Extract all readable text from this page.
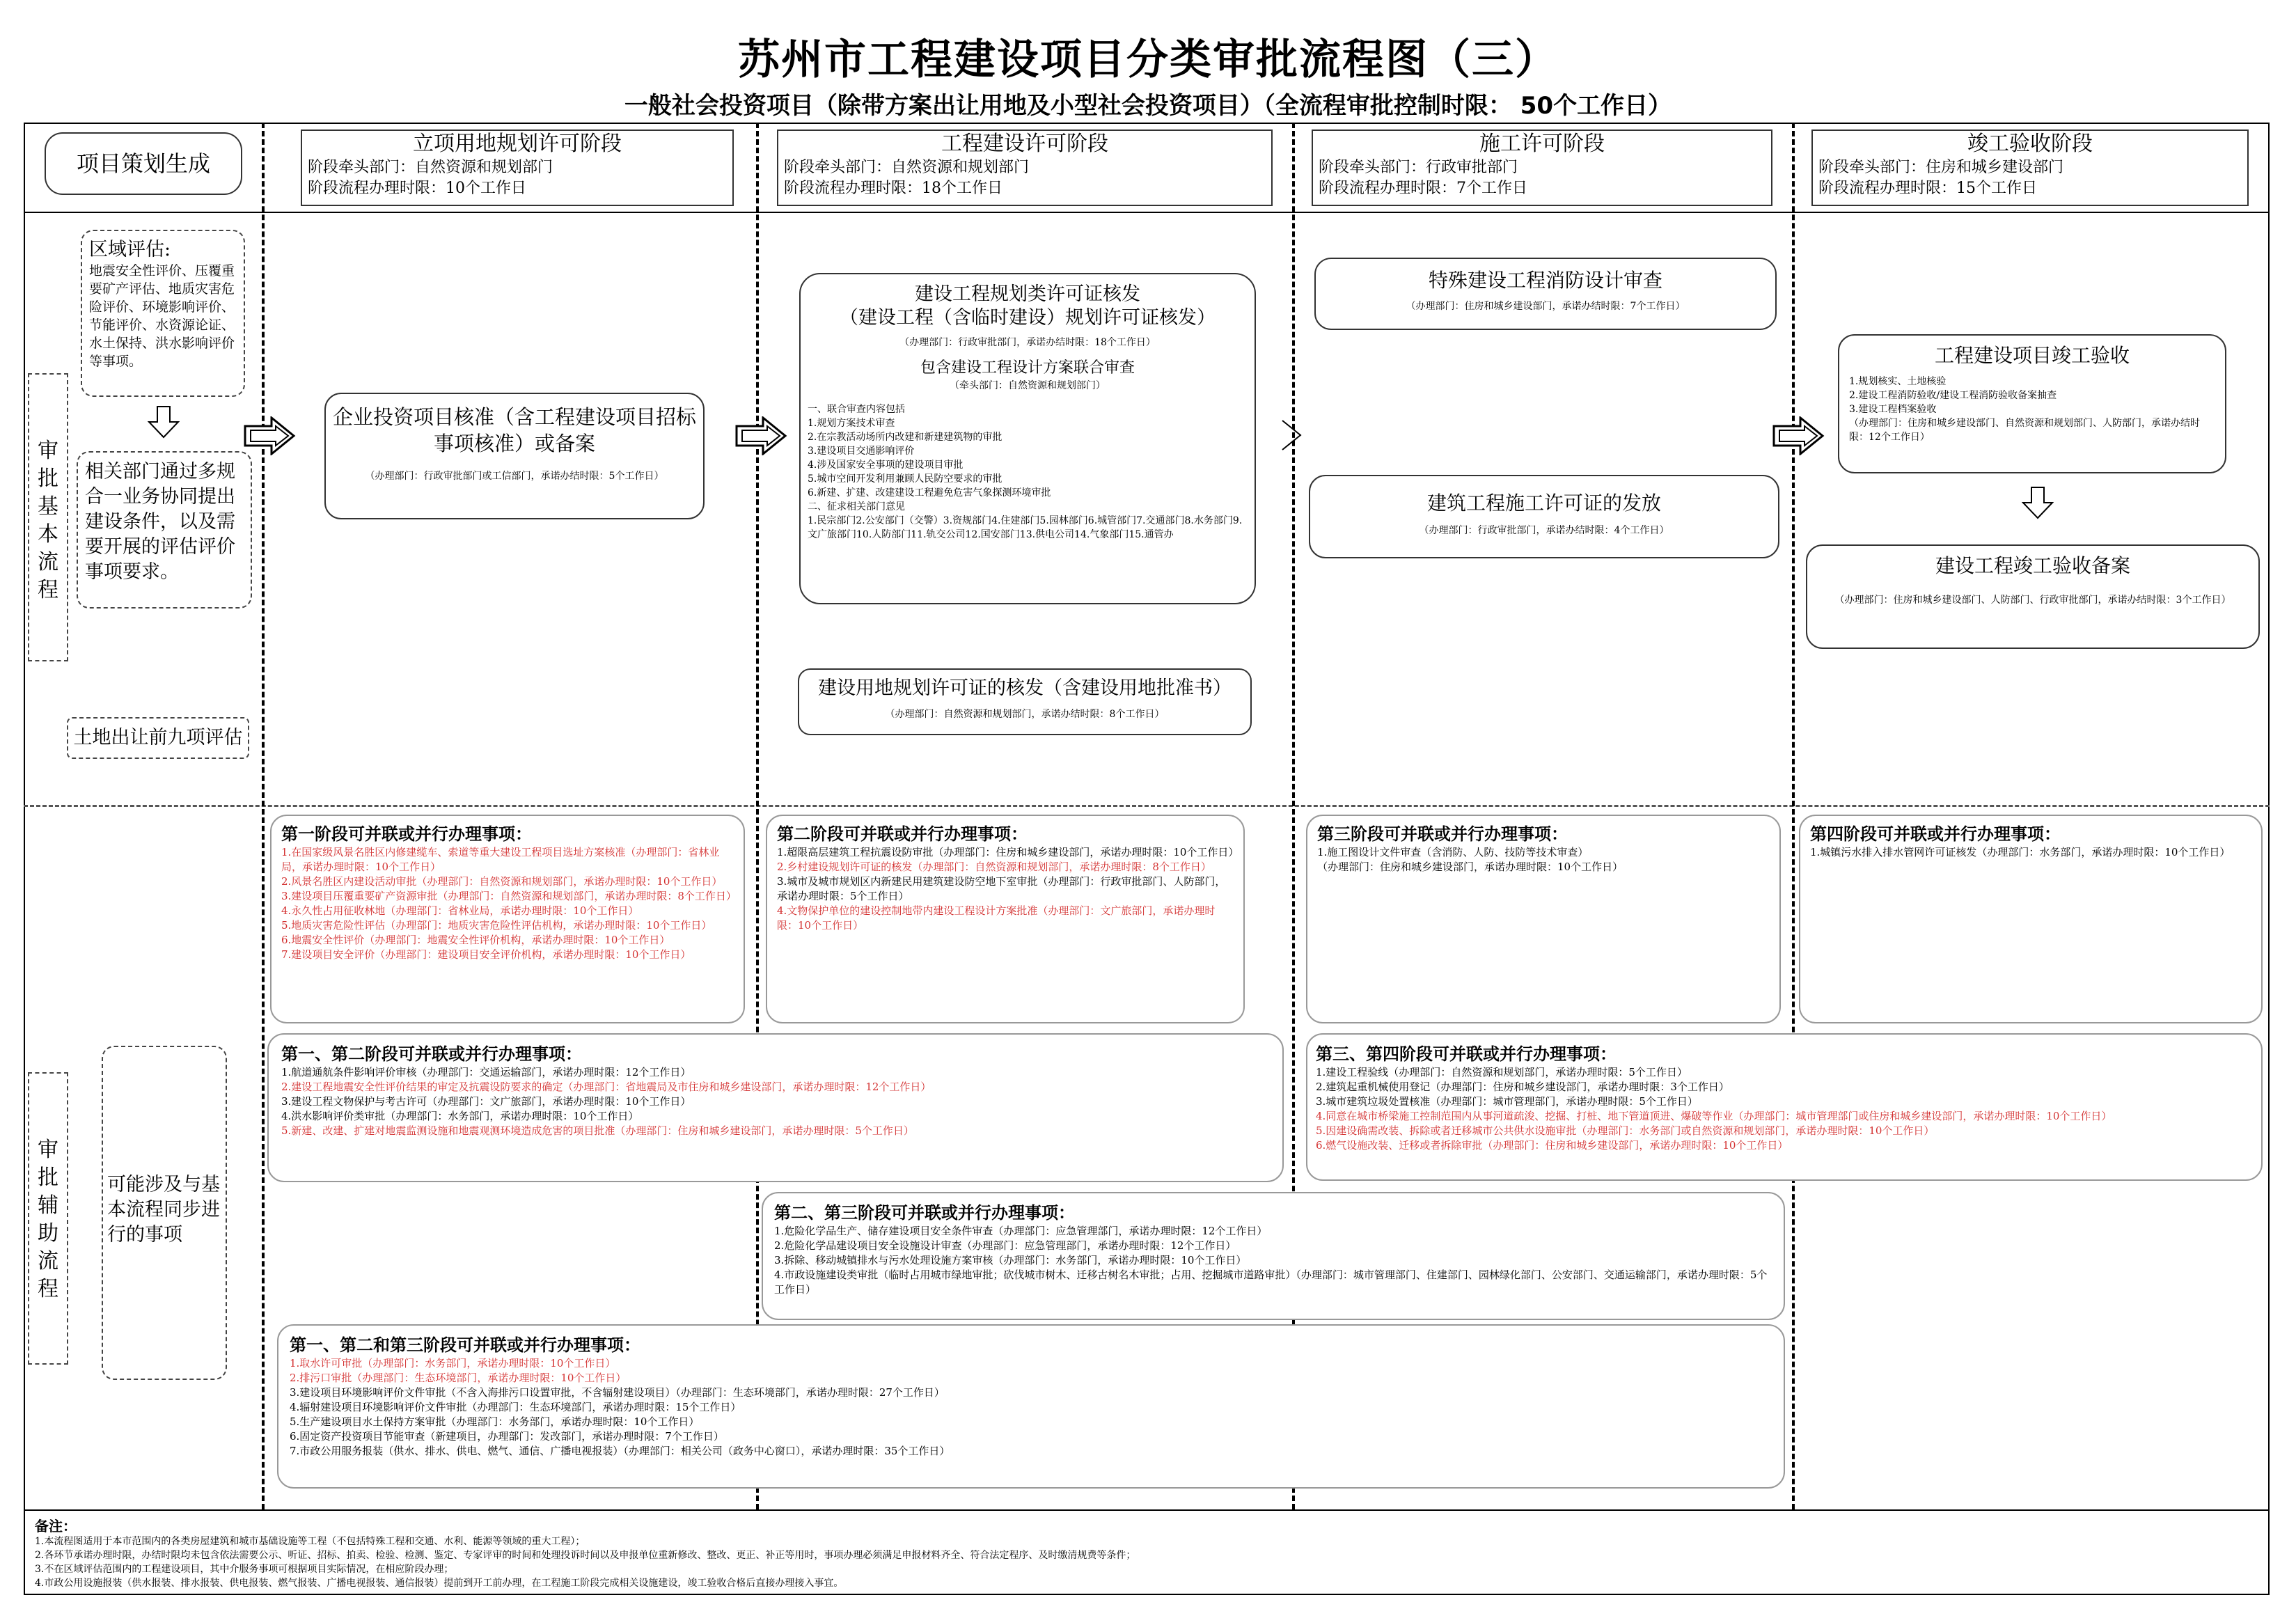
苏州市工程建设项目分类审批流程图（三）
一般社会投资项目（除带方案出让用地及小型社会投资项目）（全流程审批控制时限： 50个工作日）
项目策划生成
立项用地规划许可阶段
阶段牵头部门：自然资源和规划部门
阶段流程办理时限：10个工作日
工程建设许可阶段
阶段牵头部门：自然资源和规划部门
阶段流程办理时限：18个工作日
施工许可阶段
阶段牵头部门：行政审批部门
阶段流程办理时限：7个工作日
竣工验收阶段
阶段牵头部门：住房和城乡建设部门
阶段流程办理时限：15个工作日
审批基本流程
审批辅助流程
区域评估:
地震安全性评价、压覆重要矿产评估、地质灾害危险评价、环境影响评价、节能评价、水资源论证、水土保持、洪水影响评价等事项。
相关部门通过多规合一业务协同提出建设条件，以及需要开展的评估评价事项要求。
土地出让前九项评估
企业投资项目核准（含工程建设项目招标事项核准）或备案
（办理部门：行政审批部门或工信部门，承诺办结时限：5个工作日）
建设工程规划类许可证核发
（建设工程（含临时建设）规划许可证核发）
（办理部门：行政审批部门，承诺办结时限：18个工作日）
包含建设工程设计方案联合审查
（牵头部门：自然资源和规划部门）
一、联合审查内容包括
1.规划方案技术审查
2.在宗教活动场所内改建和新建建筑物的审批
3.建设项目交通影响评价
4.涉及国家安全事项的建设项目审批
5.城市空间开发利用兼顾人民防空要求的审批
6.新建、扩建、改建建设工程避免危害气象探测环境审批
二、征求相关部门意见
1.民宗部门2.公安部门（交警）3.资规部门4.住建部门5.园林部门6.城管部门7.交通部门8.水务部门9.文广旅部门10.人防部门11.轨交公司12.国安部门13.供电公司14.气象部门15.通管办
建设用地规划许可证的核发（含建设用地批准书）
（办理部门：自然资源和规划部门，承诺办结时限：8个工作日）
特殊建设工程消防设计审查
（办理部门：住房和城乡建设部门，承诺办结时限：7个工作日）
建筑工程施工许可证的发放
（办理部门：行政审批部门，承诺办结时限：4个工作日）
工程建设项目竣工验收
1.规划核实、土地核验
2.建设工程消防验收/建设工程消防验收备案抽查
3.建设工程档案验收
（办理部门：住房和城乡建设部门、自然资源和规划部门、人防部门，承诺办结时限：12个工作日）
建设工程竣工验收备案
（办理部门：住房和城乡建设部门、人防部门、行政审批部门，承诺办结时限：3个工作日）
可能涉及与基本流程同步进行的事项
第一阶段可并联或并行办理事项：
1.在国家级风景名胜区内修建缆车、索道等重大建设工程项目选址方案核准（办理部门：省林业局，承诺办理时限：10个工作日）
2.风景名胜区内建设活动审批（办理部门：自然资源和规划部门，承诺办理时限：10个工作日）
3.建设项目压覆重要矿产资源审批（办理部门：自然资源和规划部门，承诺办理时限：8个工作日）
4.永久性占用征收林地（办理部门：省林业局，承诺办理时限：10个工作日）
5.地质灾害危险性评估（办理部门：地质灾害危险性评估机构，承诺办理时限：10个工作日）
6.地震安全性评价（办理部门：地震安全性评价机构，承诺办理时限：10个工作日）
7.建设项目安全评价（办理部门：建设项目安全评价机构，承诺办理时限：10个工作日）
第二阶段可并联或并行办理事项：
1.超限高层建筑工程抗震设防审批（办理部门：住房和城乡建设部门，承诺办理时限：10个工作日）
2.乡村建设规划许可证的核发（办理部门：自然资源和规划部门，承诺办理时限：8个工作日）
3.城市及城市规划区内新建民用建筑建设防空地下室审批（办理部门：行政审批部门、人防部门，承诺办理时限：5个工作日）
4.文物保护单位的建设控制地带内建设工程设计方案批准（办理部门：文广旅部门，承诺办理时限：10个工作日）
第三阶段可并联或并行办理事项：
1.施工图设计文件审查（含消防、人防、技防等技术审查）
（办理部门：住房和城乡建设部门，承诺办理时限：10个工作日）
第四阶段可并联或并行办理事项：
1.城镇污水排入排水管网许可证核发（办理部门：水务部门，承诺办理时限：10个工作日）
第一、第二阶段可并联或并行办理事项：
1.航道通航条件影响评价审核（办理部门：交通运输部门，承诺办理时限：12个工作日）
2.建设工程地震安全性评价结果的审定及抗震设防要求的确定（办理部门：省地震局及市住房和城乡建设部门，承诺办理时限：12个工作日）
3.建设工程文物保护与考古许可（办理部门：文广旅部门，承诺办理时限：10个工作日）
4.洪水影响评价类审批（办理部门：水务部门，承诺办理时限：10个工作日）
5.新建、改建、扩建对地震监测设施和地震观测环境造成危害的项目批准（办理部门：住房和城乡建设部门，承诺办理时限：5个工作日）
第三、第四阶段可并联或并行办理事项：
1.建设工程验线（办理部门：自然资源和规划部门，承诺办理时限：5个工作日）
2.建筑起重机械使用登记（办理部门：住房和城乡建设部门，承诺办理时限：3个工作日）
3.城市建筑垃圾处置核准（办理部门：城市管理部门，承诺办理时限：5个工作日）
4.同意在城市桥梁施工控制范围内从事河道疏浚、挖掘、打桩、地下管道顶进、爆破等作业（办理部门：城市管理部门或住房和城乡建设部门，承诺办理时限：10个工作日）
5.因建设确需改装、拆除或者迁移城市公共供水设施审批（办理部门：水务部门或自然资源和规划部门，承诺办理时限：10个工作日）
6.燃气设施改装、迁移或者拆除审批（办理部门：住房和城乡建设部门，承诺办理时限：10个工作日）
第二、第三阶段可并联或并行办理事项：
1.危险化学品生产、储存建设项目安全条件审查（办理部门：应急管理部门，承诺办理时限：12个工作日）
2.危险化学品建设项目安全设施设计审查（办理部门：应急管理部门，承诺办理时限：12个工作日）
3.拆除、移动城镇排水与污水处理设施方案审核（办理部门：水务部门，承诺办理时限：10个工作日）
4.市政设施建设类审批（临时占用城市绿地审批；砍伐城市树木、迁移古树名木审批；占用、挖掘城市道路审批）（办理部门：城市管理部门、住建部门、园林绿化部门、公安部门、交通运输部门，承诺办理时限：5个工作日）
第一、第二和第三阶段可并联或并行办理事项：
1.取水许可审批（办理部门：水务部门，承诺办理时限：10个工作日）
2.排污口审批（办理部门：生态环境部门，承诺办理时限：10个工作日）
3.建设项目环境影响评价文件审批（不含入海排污口设置审批，不含辐射建设项目）（办理部门：生态环境部门，承诺办理时限：27个工作日）
4.辐射建设项目环境影响评价文件审批（办理部门：生态环境部门，承诺办理时限：15个工作日）
5.生产建设项目水土保持方案审批（办理部门：水务部门，承诺办理时限：10个工作日）
6.固定资产投资项目节能审查（新建项目，办理部门：发改部门，承诺办理时限：7个工作日）
7.市政公用服务报装（供水、排水、供电、燃气、通信、广播电视报装）（办理部门：相关公司（政务中心窗口），承诺办理时限：35个工作日）
备注：
1.本流程图适用于本市范围内的各类房屋建筑和城市基础设施等工程（不包括特殊工程和交通、水利、能源等领域的重大工程）；
2.各环节承诺办理时限，办结时限均未包含依法需要公示、听证、招标、拍卖、检验、检测、鉴定、专家评审的时间和处理投诉时间以及申报单位重新修改、整改、更正、补正等用时，事项办理必须满足申报材料齐全、符合法定程序、及时缴清规费等条件；
3.不在区域评估范围内的工程建设项目，其中介服务事项可根据项目实际情况，在相应阶段办理；
4.市政公用设施报装（供水报装、排水报装、供电报装、燃气报装、广播电视报装、通信报装）提前到开工前办理，在工程施工阶段完成相关设施建设，竣工验收合格后直接办理接入事宜。
